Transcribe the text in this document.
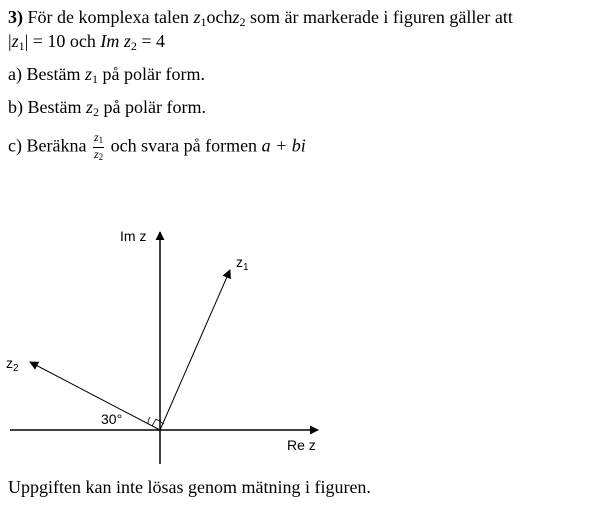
3) För de komplexa talen $z_1ochz_2$ som är markerade i figuren gäller att
$|z_1| = 10$ och Im $z_2 = 4$
a) Bestäm $z_1$ på polär form.
b) Bestäm $z_2$ på polär form.
c) Beräkna $\frac{z_1}{z_2}$ och svara på formen a + bi
Im z
Re z
$z_1$
$z_2$
30°
Uppgiften kan inte lösas genom mätning i figuren.
